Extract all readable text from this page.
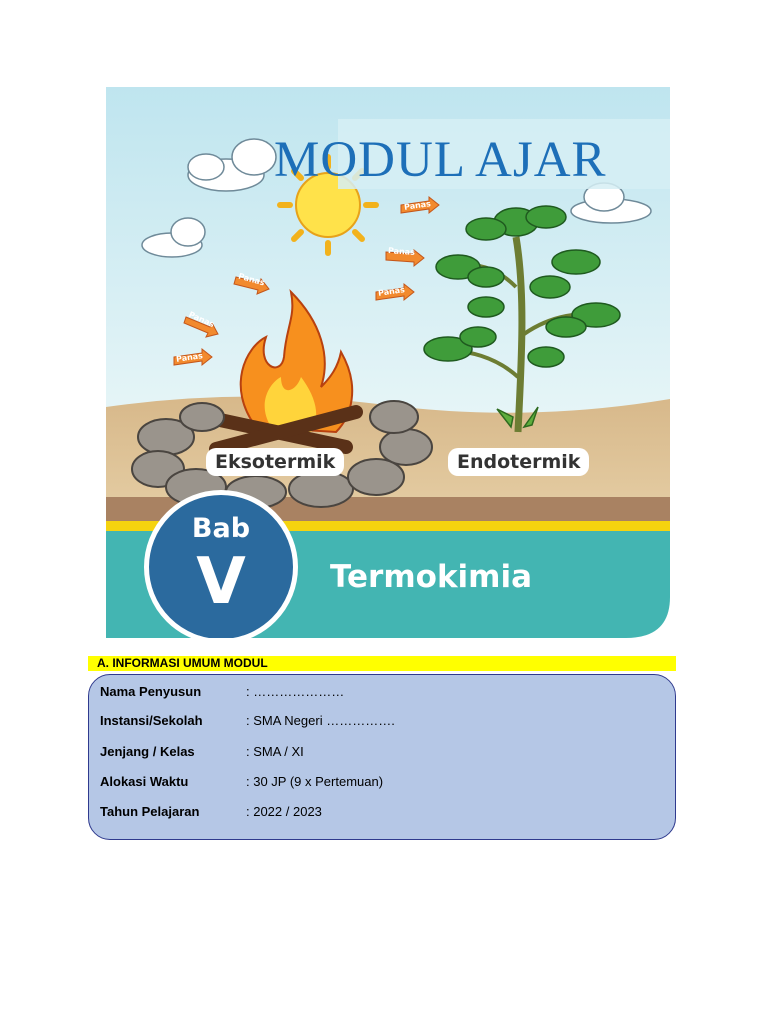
MODUL AJAR
Panas
Panas
Panas
Panas
Panas
Panas
Eksotermik	Endotermik
Bab
V	Termokimia
A. INFORMASI UMUM MODUL
Nama Penyusun	: …………………
Instansi/Sekolah	: SMA Negeri …………….
Jenjang / Kelas	: SMA / XI
Alokasi Waktu	: 30 JP (9 x Pertemuan)
Tahun Pelajaran	: 2022 / 2023
